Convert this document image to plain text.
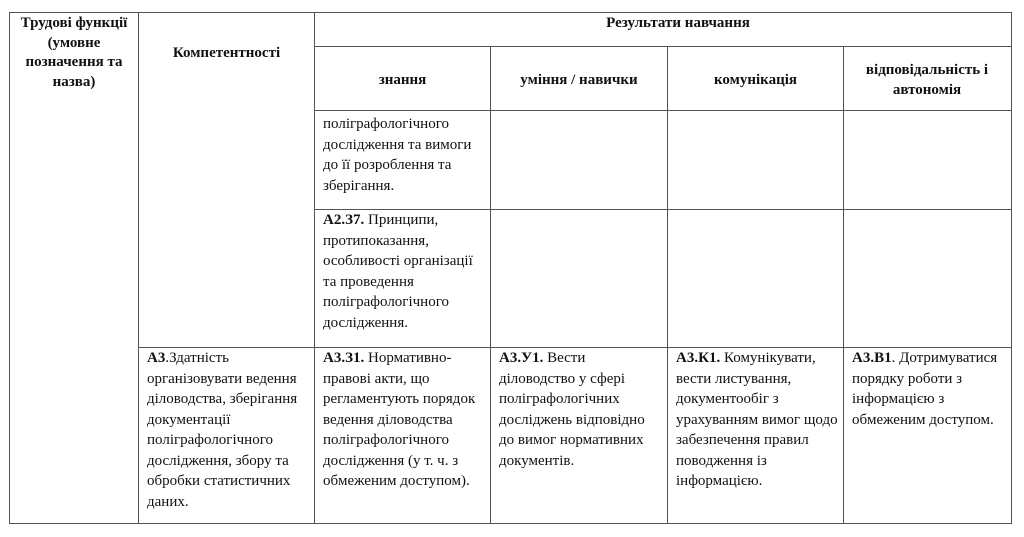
Трудові функції (умовне позначення та назва)
Компетентності
Результати навчання
знання	уміння / навички	комунікація
відповідальність і автономія
поліграфологічного дослідження та вимоги до її розроблення та зберігання.
А2.З7. Принципи, протипоказання, особливості організації та проведення поліграфологічного дослідження.
А3.Здатність організовувати ведення діловодства, зберігання документації поліграфологічного дослідження, збору та обробки статистичних даних.
А3.З1. Нормативно-правові акти, що регламентують порядок ведення діловодства поліграфологічного дослідження (у т. ч. з обмеженим доступом).
А3.У1. Вести діловодство у сфері поліграфологічних досліджень відповідно до вимог нормативних документів.
А3.К1. Комунікувати, вести листування, документообіг з урахуванням вимог щодо забезпечення правил поводження із інформацією.
А3.В1. Дотримуватися порядку роботи з інформацією з обмеженим доступом.
